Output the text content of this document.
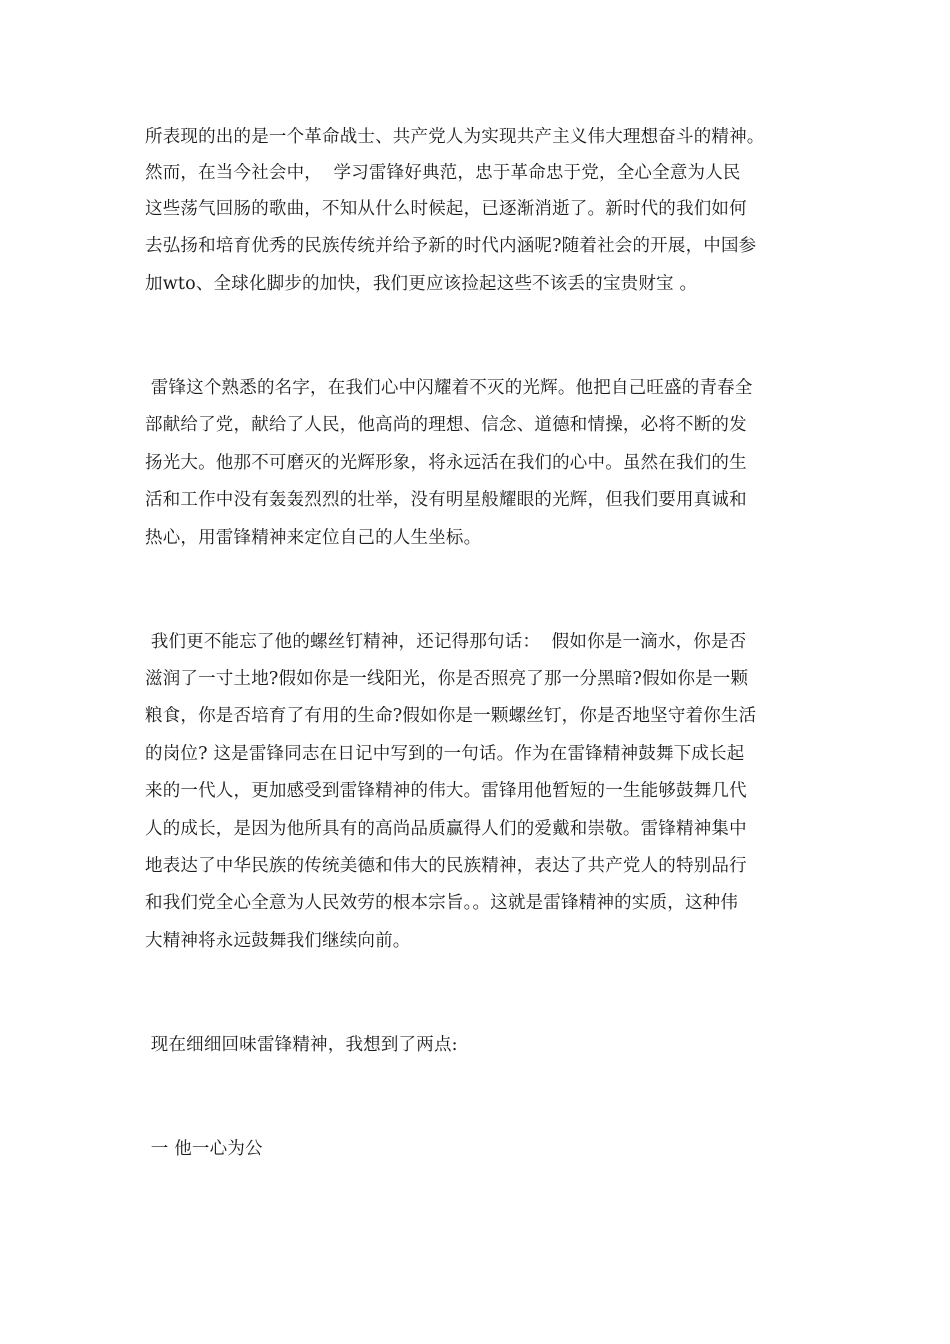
所表现的出的是一个革命战士、共产党人为实现共产主义伟大理想奋斗的精神。
然而，在当今社会中，  学习雷锋好典范，忠于革命忠于党，全心全意为人民
这些荡气回肠的歌曲，不知从什么时候起，已逐渐消逝了。新时代的我们如何
去弘扬和培育优秀的民族传统并给予新的时代内涵呢?随着社会的开展，中国参
加wto、全球化脚步的加快，我们更应该捡起这些不该丢的宝贵财宝 。
雷锋这个熟悉的名字，在我们心中闪耀着不灭的光辉。他把自己旺盛的青春全
部献给了党，献给了人民，他高尚的理想、信念、道德和情操，必将不断的发
扬光大。他那不可磨灭的光辉形象，将永远活在我们的心中。虽然在我们的生
活和工作中没有轰轰烈烈的壮举，没有明星般耀眼的光辉，但我们要用真诚和
热心，用雷锋精神来定位自己的人生坐标。
我们更不能忘了他的螺丝钉精神，还记得那句话：  假如你是一滴水，你是否
滋润了一寸土地?假如你是一线阳光，你是否照亮了那一分黑暗?假如你是一颗
粮食，你是否培育了有用的生命?假如你是一颗螺丝钉，你是否地坚守着你生活
的岗位? 这是雷锋同志在日记中写到的一句话。作为在雷锋精神鼓舞下成长起
来的一代人，更加感受到雷锋精神的伟大。雷锋用他暂短的一生能够鼓舞几代
人的成长，是因为他所具有的高尚品质赢得人们的爱戴和崇敬。雷锋精神集中
地表达了中华民族的传统美德和伟大的民族精神，表达了共产党人的特别品行
和我们党全心全意为人民效劳的根本宗旨。。这就是雷锋精神的实质，这种伟
大精神将永远鼓舞我们继续向前。
现在细细回味雷锋精神，我想到了两点:
一 他一心为公
